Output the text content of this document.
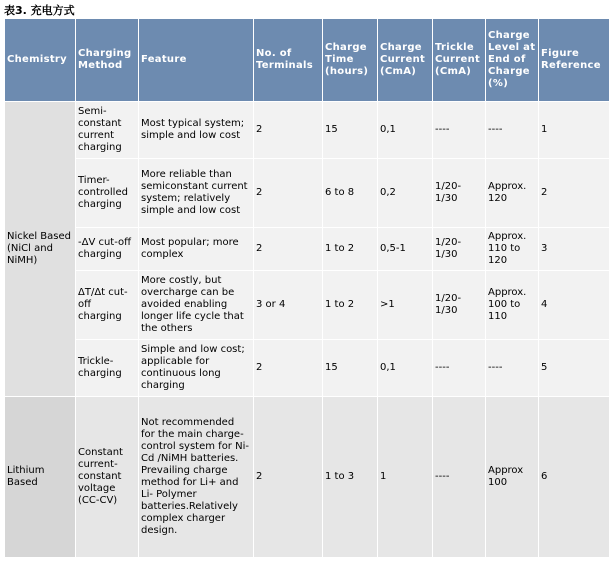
表3. 充电方式
Chemistry	Charging Method	Feature	No. of Terminals	Charge Time (hours)	Charge Current (CmA)	Trickle Current (CmA)	Charge Level at End of Charge (%)	Figure Reference
Nickel Based (NiCl and NiMH)	Semi-constant current charging	Most typical system; simple and low cost	2	15	0,1	----	----	1
	Timer-controlled charging	More reliable than semiconstant current system; relatively simple and low cost	2	6 to 8	0,2	1/20-1/30	Approx. 120	2
	-ΔV cut-off charging	Most popular; more complex	2	1 to 2	0,5-1	1/20-1/30	Approx. 110 to 120	3
	ΔT/Δt cut-off charging	More costly, but overcharge can be avoided enabling longer life cycle that the others	3 or 4	1 to 2	>1	1/20-1/30	Approx. 100 to 110	4
	Trickle-charging	Simple and low cost; applicable for continuous long charging	2	15	0,1	----	----	5
Lithium Based	Constant current-constant voltage (CC-CV)	Not recommended for the main charge-control system for Ni-Cd /NiMH batteries. Prevailing charge method for Li+ and Li- Polymer batteries.Relatively complex charger design.	2	1 to 3	1	----	Approx 100	6
